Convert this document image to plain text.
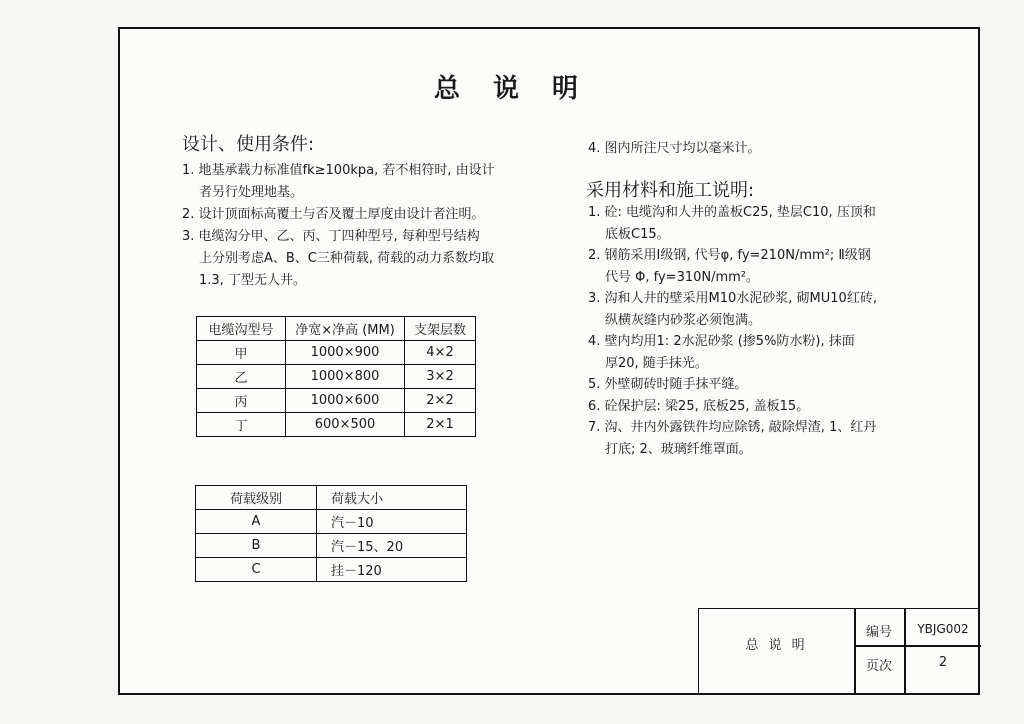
总 说 明
设计、使用条件:
1. 地基承载力标准值fk≥100kpa, 若不相符时, 由设计
者另行处理地基。
2. 设计顶面标高覆土与否及覆土厚度由设计者注明。
3. 电缆沟分甲、乙、丙、丁四种型号, 每种型号结构
上分别考虑A、B、C三种荷载, 荷载的动力系数均取
1.3, 丁型无人井。
电缆沟型号	净宽×净高 (MM)	支架层数
甲	1000×900	4×2
乙	1000×800	3×2
丙	1000×600	2×2
丁	600×500	2×1
荷载级别	荷载大小
A	汽－10
B	汽－15、20
C	挂－120
4. 图内所注尺寸均以毫米计。
采用材料和施工说明:
1. 砼: 电缆沟和人井的盖板C25, 垫层C10, 压顶和
底板C15。
2. 钢筋采用Ⅰ级钢, 代号φ, fy=210N/mm²; Ⅱ级钢
代号 Φ, fy=310N/mm²。
3. 沟和人井的壁采用M10水泥砂浆, 砌MU10红砖,
纵横灰缝内砂浆必须饱满。
4. 壁内均用1: 2水泥砂浆 (掺5%防水粉), 抹面
厚20, 随手抹光。
5. 外壁砌砖时随手抹平缝。
6. 砼保护层: 梁25, 底板25, 盖板15。
7. 沟、井内外露铁件均应除锈, 敲除焊渣, 1、红丹
打底; 2、玻璃纤维罩面。
总 说 明
编号	YBJG002
页次	2
